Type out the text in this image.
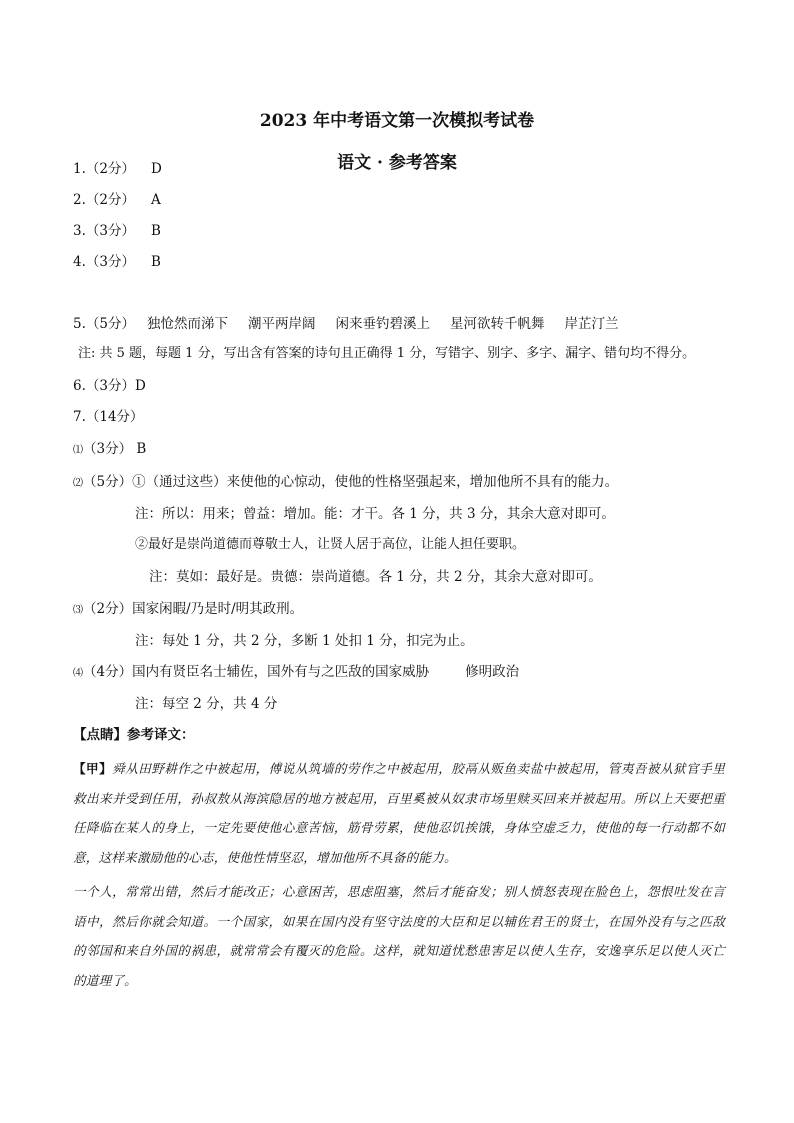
2023 年中考语文第一次模拟考试卷
语文 · 参考答案
1.（2分） D
2.（2分） A
3.（3分） B
4.（3分） B
5.（5分） 独怆然而涕下 潮平两岸阔 闲来垂钓碧溪上 星河欲转千帆舞 岸芷汀兰
注: 共 5 题，每题 1 分，写出含有答案的诗句且正确得 1 分，写错字、别字、多字、漏字、错句均不得分。
6.（3分）D
7.（14分）
⑴（3分） B
⑵（5分）①（通过这些）来使他的心惊动，使他的性格坚强起来，增加他所不具有的能力。
注：所以：用来；曾益：增加。能：才干。各 1 分，共 3 分，其余大意对即可。
②最好是崇尚道德而尊敬士人，让贤人居于高位，让能人担任要职。
注：莫如：最好是。贵德：崇尚道德。各 1 分，共 2 分，其余大意对即可。
⑶（2分）国家闲暇/乃是时/明其政刑。
注：每处 1 分，共 2 分，多断 1 处扣 1 分，扣完为止。
⑷（4分）国内有贤臣名士辅佐，国外有与之匹敌的国家威胁	修明政治
注：每空 2 分，共 4 分
【点睛】参考译文：
【甲】舜从田野耕作之中被起用，傅说从筑墙的劳作之中被起用，胶鬲从贩鱼卖盐中被起用，管夷吾被从狱官手里救出来并受到任用，孙叔敖从海滨隐居的地方被起用，百里奚被从奴隶市场里赎买回来并被起用。所以上天要把重任降临在某人的身上，一定先要使他心意苦恼，筋骨劳累，使他忍饥挨饿，身体空虚乏力，使他的每一行动都不如意，这样来激励他的心志，使他性情坚忍，增加他所不具备的能力。
一个人，常常出错，然后才能改正；心意困苦，思虑阻塞，然后才能奋发；别人愤怒表现在脸色上，怨恨吐发在言语中，然后你就会知道。一个国家，如果在国内没有坚守法度的大臣和足以辅佐君王的贤士，在国外没有与之匹敌的邻国和来自外国的祸患，就常常会有覆灭的危险。这样，就知道忧愁患害足以使人生存，安逸享乐足以使人灭亡的道理了。
